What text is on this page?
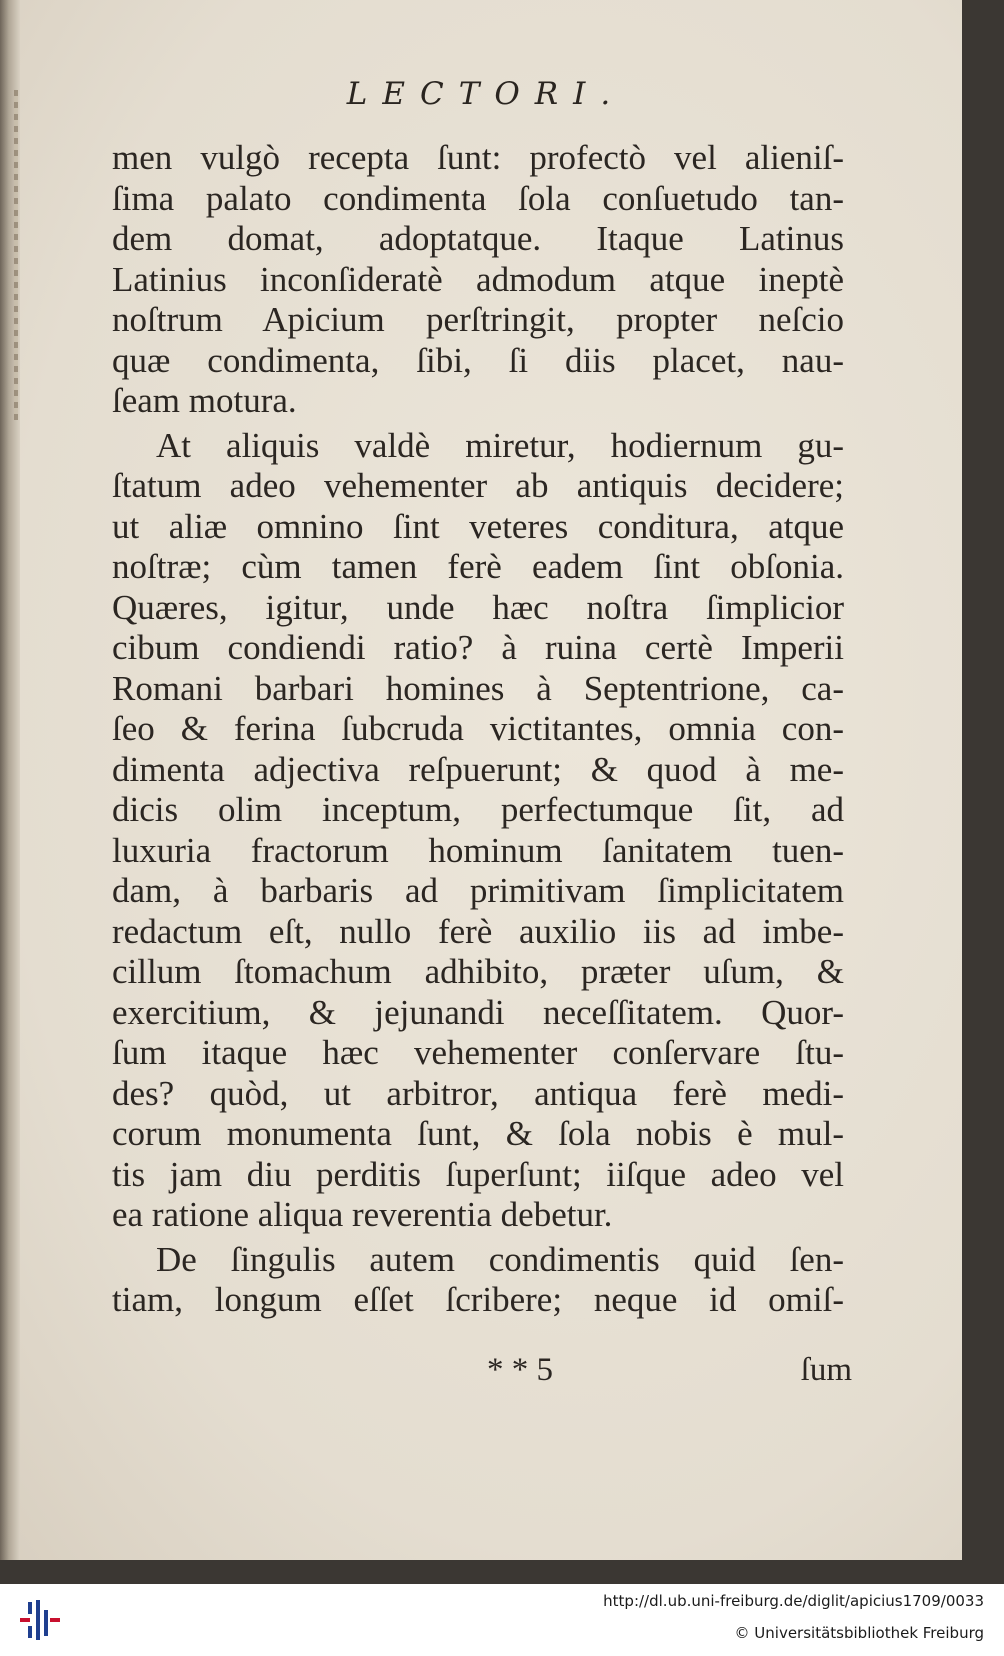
LECTORI.
men vulgò recepta ſunt: profectò vel alieniſ-
ſima palato condimenta ſola conſuetudo tan-
dem domat, adoptatque. Itaque Latinus
Latinius inconſideratè admodum atque ineptè
noſtrum Apicium perſtringit, propter neſcio
quæ condimenta, ſibi, ſi diis placet, nau-
ſeam motura.
At aliquis valdè miretur, hodiernum gu-
ſtatum adeo vehementer ab antiquis decidere;
ut aliæ omnino ſint veteres conditura, atque
noſtræ; cùm tamen ferè eadem ſint obſonia.
Quæres, igitur, unde hæc noſtra ſimplicior
cibum condiendi ratio? à ruina certè Imperii
Romani barbari homines à Septentrione, ca-
ſeo & ferina ſubcruda victitantes, omnia con-
dimenta adjectiva reſpuerunt; & quod à me-
dicis olim inceptum, perfectumque ſit, ad
luxuria fractorum hominum ſanitatem tuen-
dam, à barbaris ad primitivam ſimplicitatem
redactum eſt, nullo ferè auxilio iis ad imbe-
cillum ſtomachum adhibito, præter uſum, &
exercitium, & jejunandi neceſſitatem. Quor-
ſum itaque hæc vehementer conſervare ſtu-
des? quòd, ut arbitror, antiqua ferè medi-
corum monumenta ſunt, & ſola nobis è mul-
tis jam diu perditis ſuperſunt; iiſque adeo vel
ea ratione aliqua reverentia debetur.
De ſingulis autem condimentis quid ſen-
tiam, longum eſſet ſcribere; neque id omiſ-
* * 5	ſum
http://dl.ub.uni-freiburg.de/diglit/apicius1709/0033
© Universitätsbibliothek Freiburg
